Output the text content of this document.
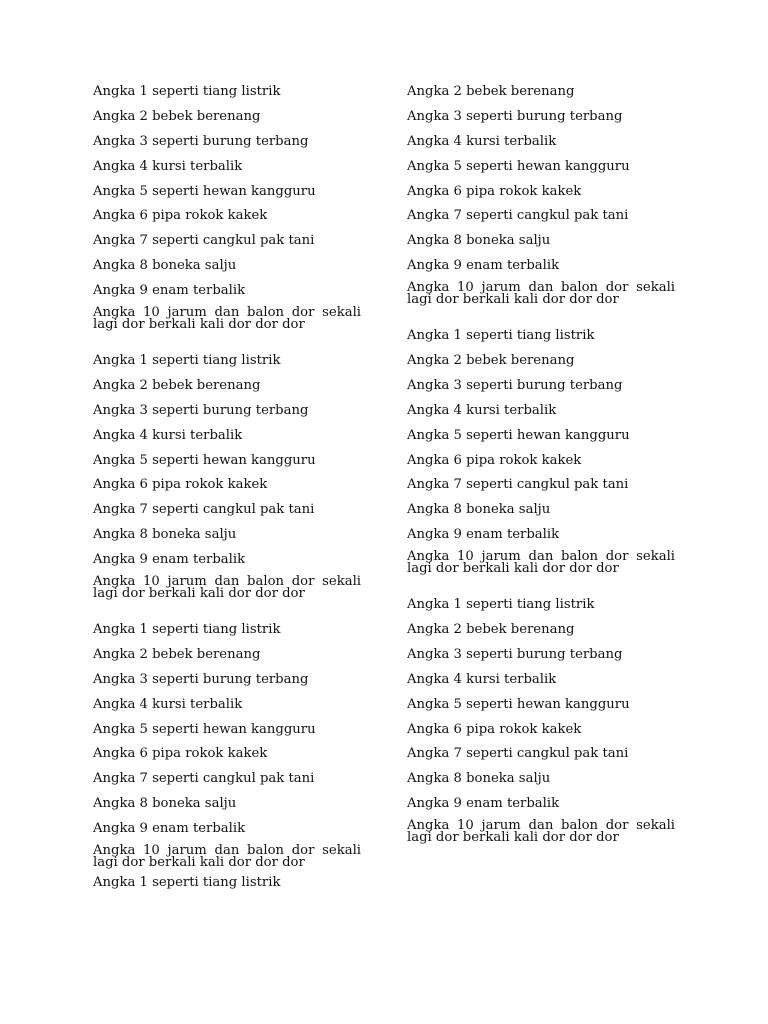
Angka 1 seperti tiang listrik
Angka 2 bebek berenang
Angka 3 seperti burung terbang
Angka 4 kursi terbalik
Angka 5 seperti hewan kangguru
Angka 6 pipa rokok kakek
Angka 7 seperti cangkul pak tani
Angka 8 boneka salju
Angka 9 enam terbalik
Angka 10 jarum dan balon dor sekali lagi dor berkali kali dor dor dor
Angka 1 seperti tiang listrik
Angka 2 bebek berenang
Angka 3 seperti burung terbang
Angka 4 kursi terbalik
Angka 5 seperti hewan kangguru
Angka 6 pipa rokok kakek
Angka 7 seperti cangkul pak tani
Angka 8 boneka salju
Angka 9 enam terbalik
Angka 10 jarum dan balon dor sekali lagi dor berkali kali dor dor dor
Angka 1 seperti tiang listrik
Angka 2 bebek berenang
Angka 3 seperti burung terbang
Angka 4 kursi terbalik
Angka 5 seperti hewan kangguru
Angka 6 pipa rokok kakek
Angka 7 seperti cangkul pak tani
Angka 8 boneka salju
Angka 9 enam terbalik
Angka 10 jarum dan balon dor sekali lagi dor berkali kali dor dor dor
Angka 1 seperti tiang listrik
Angka 2 bebek berenang
Angka 3 seperti burung terbang
Angka 4 kursi terbalik
Angka 5 seperti hewan kangguru
Angka 6 pipa rokok kakek
Angka 7 seperti cangkul pak tani
Angka 8 boneka salju
Angka 9 enam terbalik
Angka 10 jarum dan balon dor sekali lagi dor berkali kali dor dor dor
Angka 1 seperti tiang listrik
Angka 2 bebek berenang
Angka 3 seperti burung terbang
Angka 4 kursi terbalik
Angka 5 seperti hewan kangguru
Angka 6 pipa rokok kakek
Angka 7 seperti cangkul pak tani
Angka 8 boneka salju
Angka 9 enam terbalik
Angka 10 jarum dan balon dor sekali lagi dor berkali kali dor dor dor
Angka 1 seperti tiang listrik
Angka 2 bebek berenang
Angka 3 seperti burung terbang
Angka 4 kursi terbalik
Angka 5 seperti hewan kangguru
Angka 6 pipa rokok kakek
Angka 7 seperti cangkul pak tani
Angka 8 boneka salju
Angka 9 enam terbalik
Angka 10 jarum dan balon dor sekali lagi dor berkali kali dor dor dor
